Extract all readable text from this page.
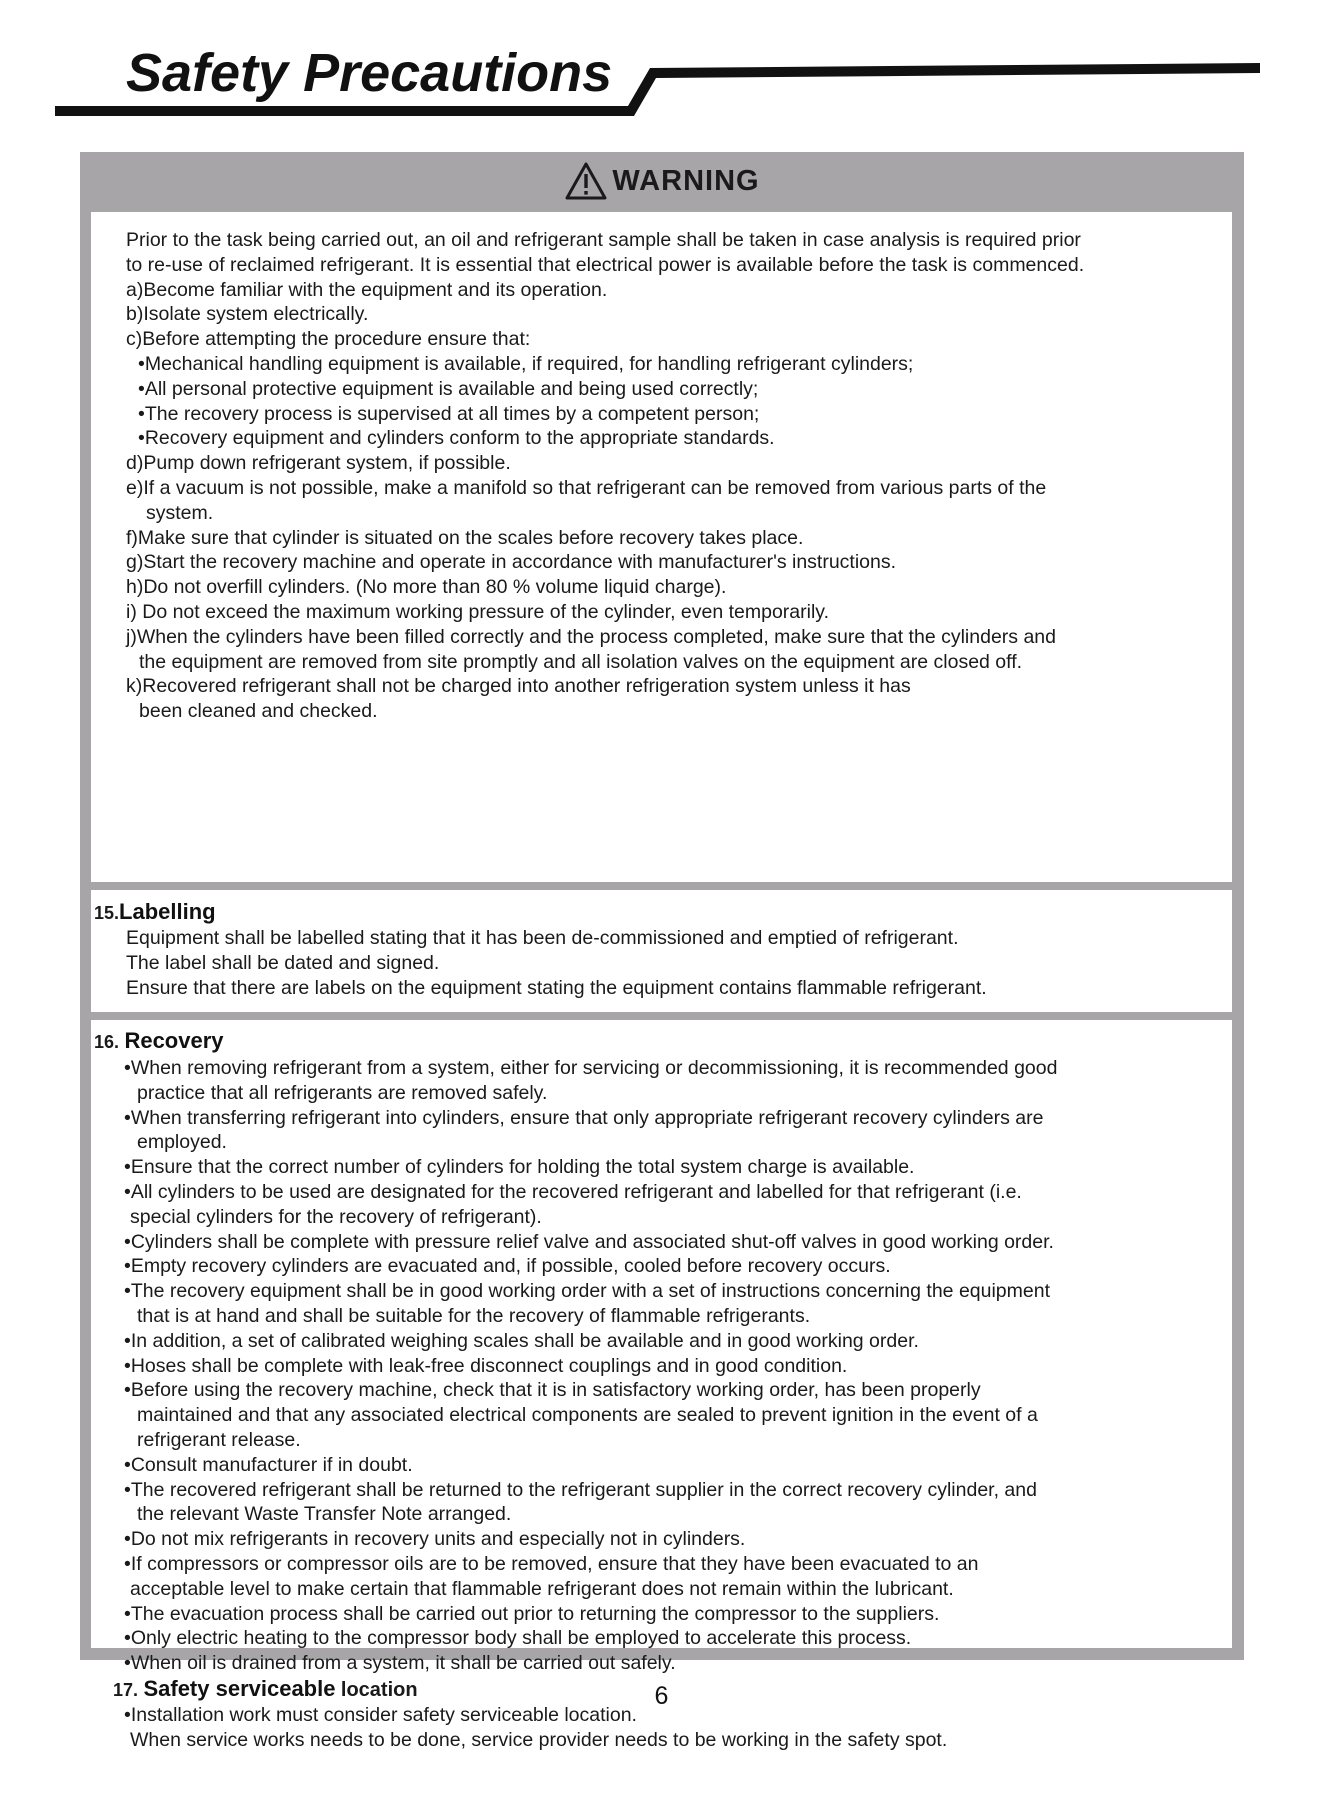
Safety Precautions
WARNING
Prior to the task being carried out, an oil and refrigerant sample shall be taken in case analysis is required prior
to re-use of reclaimed refrigerant. It is essential that electrical power is available before the task is commenced.
a)Become familiar with the equipment and its operation.
b)Isolate system electrically.
c)Before attempting the procedure ensure that:
•Mechanical handling equipment is available, if required, for handling refrigerant cylinders;
•All personal protective equipment is available and being used correctly;
•The recovery process is supervised at all times by a competent person;
•Recovery equipment and cylinders conform to the appropriate standards.
d)Pump down refrigerant system, if possible.
e)If a vacuum is not possible, make a manifold so that refrigerant can be removed from various parts of the
system.
f)Make sure that cylinder is situated on the scales before recovery takes place.
g)Start the recovery machine and operate in accordance with manufacturer's instructions.
h)Do not overfill cylinders. (No more than 80 % volume liquid charge).
i) Do not exceed the maximum working pressure of the cylinder, even temporarily.
j)When the cylinders have been filled correctly and the process completed, make sure that the cylinders and
the equipment are removed from site promptly and all isolation valves on the equipment are closed off.
k)Recovered refrigerant shall not be charged into another refrigeration system unless it has
been cleaned and checked.
15.Labelling
Equipment shall be labelled stating that it has been de-commissioned and emptied of refrigerant.
The label shall be dated and signed.
Ensure that there are labels on the equipment stating the equipment contains flammable refrigerant.
16. Recovery
•When removing refrigerant from a system, either for servicing or decommissioning, it is recommended good
practice that all refrigerants are removed safely.
•When transferring refrigerant into cylinders, ensure that only appropriate refrigerant recovery cylinders are
employed.
•Ensure that the correct number of cylinders for holding the total system charge is available.
•All cylinders to be used are designated for the recovered refrigerant and labelled for that refrigerant (i.e.
special cylinders for the recovery of refrigerant).
•Cylinders shall be complete with pressure relief valve and associated shut-off valves in good working order.
•Empty recovery cylinders are evacuated and, if possible, cooled before recovery occurs.
•The recovery equipment shall be in good working order with a set of instructions concerning the equipment
that is at hand and shall be suitable for the recovery of flammable refrigerants.
•In addition, a set of calibrated weighing scales shall be available and in good working order.
•Hoses shall be complete with leak-free disconnect couplings and in good condition.
•Before using the recovery machine, check that it is in satisfactory working order, has been properly
maintained and that any associated electrical components are sealed to prevent ignition in the event of a
refrigerant release.
•Consult manufacturer if in doubt.
•The recovered refrigerant shall be returned to the refrigerant supplier in the correct recovery cylinder, and
the relevant Waste Transfer Note arranged.
•Do not mix refrigerants in recovery units and especially not in cylinders.
•If compressors or compressor oils are to be removed, ensure that they have been evacuated to an
acceptable level to make certain that flammable refrigerant does not remain within the lubricant.
•The evacuation process shall be carried out prior to returning the compressor to the suppliers.
•Only electric heating to the compressor body shall be employed to accelerate this process.
•When oil is drained from a system, it shall be carried out safely.
17. Safety serviceable location
•Installation work must consider safety serviceable location.
When service works needs to be done, service provider needs to be working in the safety spot.
6
